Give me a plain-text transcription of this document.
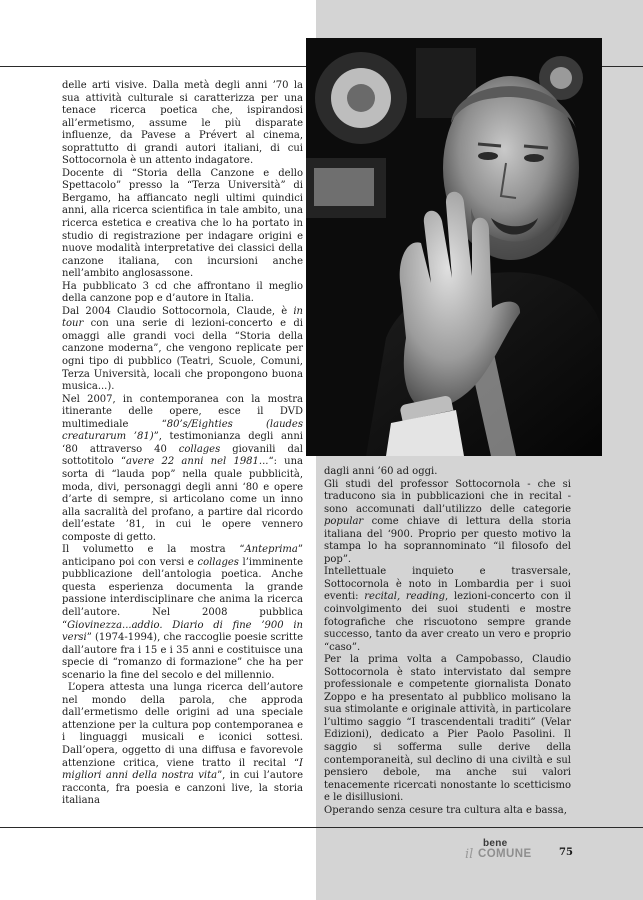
delle arti visive. Dalla metà degli anni ’70 la sua attività culturale si caratterizza per una tenace ricerca poetica che, ispirandosi all’ermetismo, assume le più disparate influenze, da Pavese a Prévert al cinema, soprattutto di grandi autori italiani, di cui Sottocornola è un attento indagatore.

Docente di “Storia della Canzone e dello Spettacolo” presso la “Terza Università” di Bergamo, ha affiancato negli ultimi quindici anni, alla ricerca scientifica in tale ambito, una ricerca estetica e creativa che lo ha portato in studio di registrazione per indagare origini e nuove modalità interpretative dei classici della canzone italiana, con incursioni anche nell’ambito anglosassone.

Ha pubblicato 3 cd che affrontano il meglio della canzone pop e d’autore in Italia.

Dal 2004 Claudio Sottocornola, Claude, è in tour con una serie di lezioni-concerto e di omaggi alle grandi voci della “Storia della canzone moderna”, che vengono replicate per ogni tipo di pubblico (Teatri, Scuole, Comuni, Terza Università, locali che propongono buona musica...).

Nel 2007, in contemporanea con la mostra itinerante delle opere, esce il DVD multimediale “80’s/Eighties (laudes creaturarum ’81)”, testimonianza degli anni ‘80 attraverso 40 collages giovanili dal sottotitolo “avere 22 anni nel 1981...“: una sorta di “lauda pop” nella quale pubblicità, moda, divi, personaggi degli anni ‘80 e opere d’arte di sempre, si articolano come un inno alla sacralità del profano, a partire dal ricordo dell’estate ’81, in cui le opere vennero composte di getto.

Il volumetto e la mostra “Anteprima” anticipano poi con versi e collages l’imminente pubblicazione dell’antologia poetica. Anche questa esperienza documenta la grande passione interdisciplinare che anima la ricerca dell’autore. Nel 2008 pubblica “Giovinezza...addio. Diario di fine ’900 in versi” (1974-1994), che raccoglie poesie scritte dall’autore fra i 15 e i 35 anni e costituisce una specie di “romanzo di formazione” che ha per scenario la fine del secolo e del millennio.

L’opera attesta una lunga ricerca dell’autore nel mondo della parola, che approda dall’ermetismo delle origini ad una speciale attenzione per la cultura pop contemporanea e i linguaggi musicali e iconici sottesi. Dall’opera, oggetto di una diffusa e favorevole attenzione critica, viene tratto il recital “I migliori anni della nostra vita”, in cui l’autore racconta, fra poesia e canzoni live, la storia italiana

dagli anni ’60 ad oggi.

Gli studi del professor Sottocornola - che si traducono sia in pubblicazioni che in recital - sono accomunati dall’utilizzo delle categorie popular come chiave di lettura della storia italiana del ‘900. Proprio per questo motivo la stampa lo ha soprannominato “il filosofo del pop”.

Intellettuale inquieto e trasversale, Sottocornola è noto in Lombardia per i suoi eventi: recital, reading, lezioni-concerto con il coinvolgimento dei suoi studenti e mostre fotografiche che riscuotono sempre grande successo, tanto da aver creato un vero e proprio “caso”.

Per la prima volta a Campobasso, Claudio Sottocornola è stato intervistato dal sempre professionale e competente giornalista Donato Zoppo e ha presentato al pubblico molisano la sua stimolante e originale attività, in particolare l’ultimo saggio “I trascendentali traditi” (Velar Edizioni), dedicato a Pier Paolo Pasolini. Il saggio si sofferma sulle derive della contemporaneità, sul declino di una civiltà e sul pensiero debole, ma anche sui valori tenacemente ricercati nonostante lo scetticismo e le disillusioni.

Operando senza cesure tra cultura alta e bassa,

il
bene
COMUNE	75
